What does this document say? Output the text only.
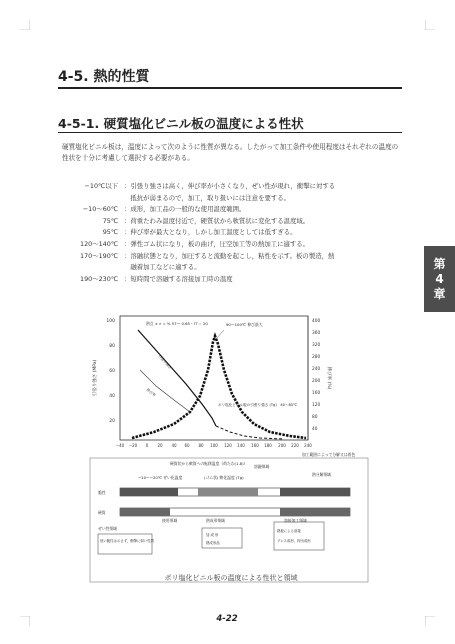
4-5. 熱的性質
4-5-1. 硬質塩化ビニル板の温度による性状
硬質塩化ビニル板は，温度によって次のように性質が異なる。したがって加工条件や使用程度はそれぞれの温度の性状を十分に考慮して選択する必要がある。
−10℃以下 ：引張り強さは高く，伸び率が小さくなり，ぜい性が現れ，衝撃に対する
　抵抗が弱まるので，加工，取り扱いには注意を要する。
−10〜60℃ ：成形，加工品の一般的な使用温度範囲。
75℃ ：荷重たわみ温度付近で，硬質状から軟質状に変化する温度域。
95℃ ：伸び率が最大となり，しかし加工温度としては低すぎる。
120〜140℃ ：弾性ゴム状になり，板の曲げ，圧空加工等の熱加工に適する。
170〜190℃ ：溶融状態となり，加圧すると流動を起こし，粘性を示す。板の製造，熱
　融着加工などに適する。
190〜230℃ ：短時間で溶融する溶接加工時の温度
第
4
章
100
80
60
40
20
引張り強さ (MPa)
400
360
320
280
240
200
160
120
80
40
伸び率 (%)
−40 −20 0 20 40 60 80 100 120 140 160 180 200 220 240
熱点 ± ε = % 57〜 0.65・ΓΓ＝ 20	90〜100℃ 伸び最大
ポリ塩化ビニル板の引張り強さ (Tg)　40〜85℃
引張り強さ
伸び率
硬質状から軟質への転移温度（荷たわ(1.8)）
−10〜−20℃ ぜい化温度	(ゴム状) 軟化温度 (Tg)
溶融領域
加工範囲によって分解又は着色
熱分解領域
脆性
硬質
ぜい性領域
使用領域	熱成形領域	溶接加工領域
低い脆性は示さず，衝撃に弱い性質
加 成 形
熱成形品
熱板による溶接
プレス成形，押出成形
ポリ塩化ビニル板の温度による性状と領域
4-22
